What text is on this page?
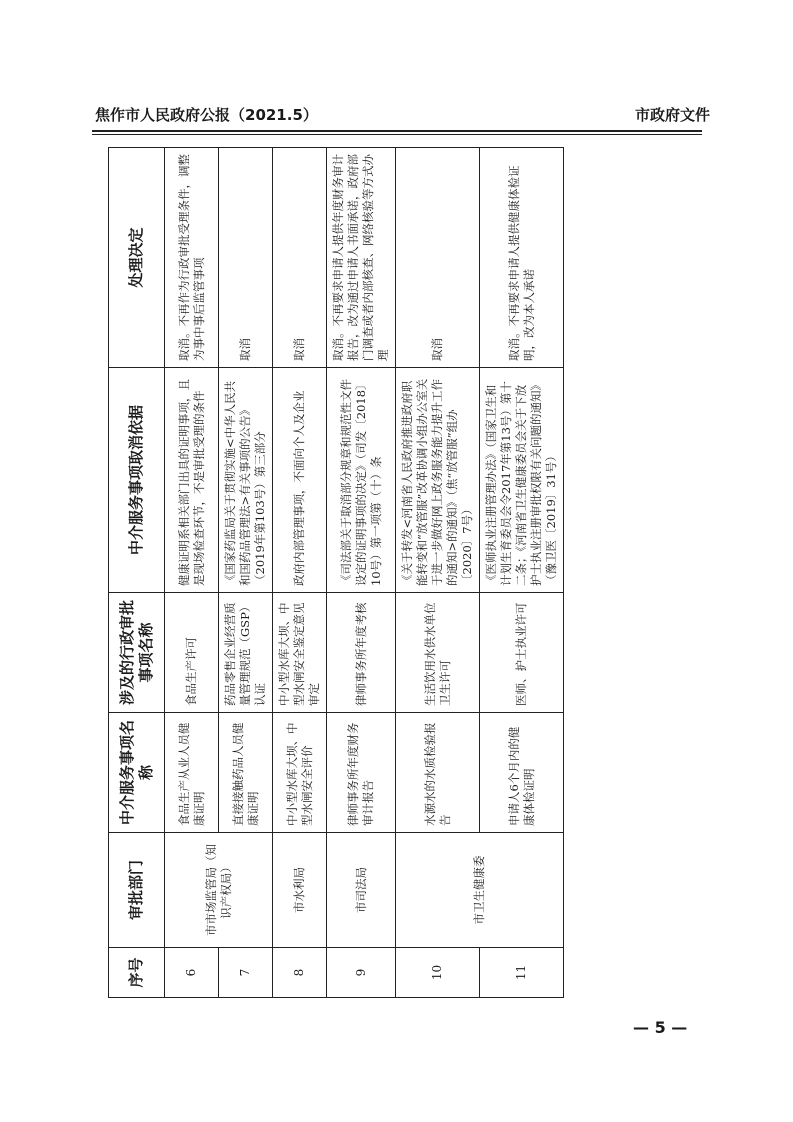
焦作市人民政府公报（2021.5）	市政府文件
序号	审批部门	中介服务事项名称	涉及的行政审批事项名称	中介服务事项取消依据	处理决定
6	市市场监管局（知识产权局）	食品生产从业人员健康证明	食品生产许可	健康证明系相关部门出具的证明事项，且是现场检查环节，不是审批受理的条件	取消。不再作为行政审批受理条件，调整为事中事后监管事项
7		直接接触药品人员健康证明	药品零售企业经营质量管理规范（GSP）认证	《国家药监局关于贯彻实施<中华人民共和国药品管理法>有关事项的公告》（2019年第103号）第三部分	取消
8	市水利局	中小型水库大坝、中型水闸安全评价	中小型水库大坝、中型水闸安全鉴定意见审定	政府内部管理事项，不面向个人及企业	取消
9	市司法局	律师事务所年度财务审计报告	律师事务所年度考核	《司法部关于取消部分规章和规范性文件设定的证明事项的决定》（司发〔2018〕10号）第一项第（十）条	取消。不再要求申请人提供年度财务审计报告，改为通过申请人书面承诺，政府部门调查或者内部核查、网络核验等方式办理
10	市卫生健康委	水源水的水质检验报告	生活饮用水供水单位卫生许可	《关于转发<河南省人民政府推进政府职能转变和“放管服”改革协调小组办公室关于进一步做好网上政务服务能力提升工作的通知>的通知》（焦“放管服”组办〔2020〕7号）	取消
11		申请人6个月内的健康体检证明	医师、护士执业许可	《医师执业注册管理办法》（国家卫生和计划生育委员会令2017年第13号）第十二条；《河南省卫生健康委员会关于下放护士执业注册审批权限有关问题的通知》（豫卫医〔2019〕31号）	取消。不再要求申请人提供健康体检证明，改为本人承诺
— 5 —
